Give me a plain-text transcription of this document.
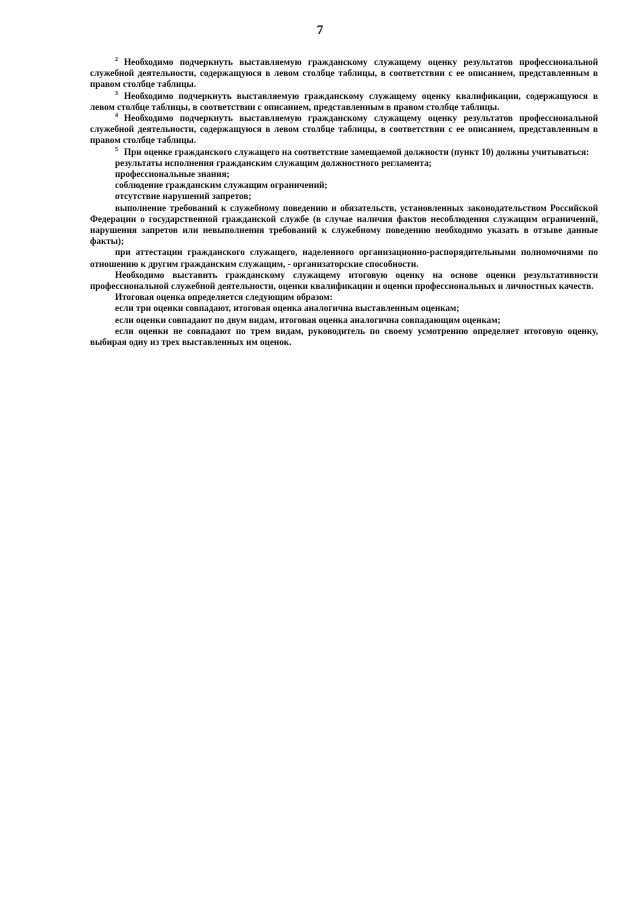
7

$^2$ Необходимо подчеркнуть выставляемую гражданскому служащему оценку результатов профессиональной служебной деятельности, содержащуюся в левом столбце таблицы, в соответствии с ее описанием, представленным в правом столбце таблицы.

$^3$ Необходимо подчеркнуть выставляемую гражданскому служащему оценку квалификации, содержащуюся в левом столбце таблицы, в соответствии с описанием, представленным в правом столбце таблицы.

$^4$ Необходимо подчеркнуть выставляемую гражданскому служащему оценку результатов профессиональной служебной деятельности, содержащуюся в левом столбце таблицы, в соответствии с ее описанием, представленным в правом столбце таблицы.

$^5$ При оценке гражданского служащего на соответствие замещаемой должности (пункт 10) должны учитываться:

результаты исполнения гражданским служащим должностного регламента;

профессиональные знания;

соблюдение гражданским служащим ограничений;

отсутствие нарушений запретов;

выполнение требований к служебному поведению и обязательств, установленных законодательством Российской Федерации о государственной гражданской службе (в случае наличия фактов несоблюдения служащим ограничений, нарушения запретов или невыполнения требований к служебному поведению необходимо указать в отзыве данные факты);

при аттестации гражданского служащего, наделенного организационно-распорядительными полномочиями по отношению к другим гражданским служащим, - организаторские способности.

Необходимо выставить гражданскому служащему итоговую оценку на основе оценки результативности профессиональной служебной деятельности, оценки квалификации и оценки профессиональных и личностных качеств.

Итоговая оценка определяется следующим образом:

если три оценки совпадают, итоговая оценка аналогична выставленным оценкам;

если оценки совпадают по двум видам, итоговая оценка аналогична совпадающим оценкам;

если оценки не совпадают по трем видам, руководитель по своему усмотрению определяет итоговую оценку, выбирая одну из трех выставленных им оценок.
